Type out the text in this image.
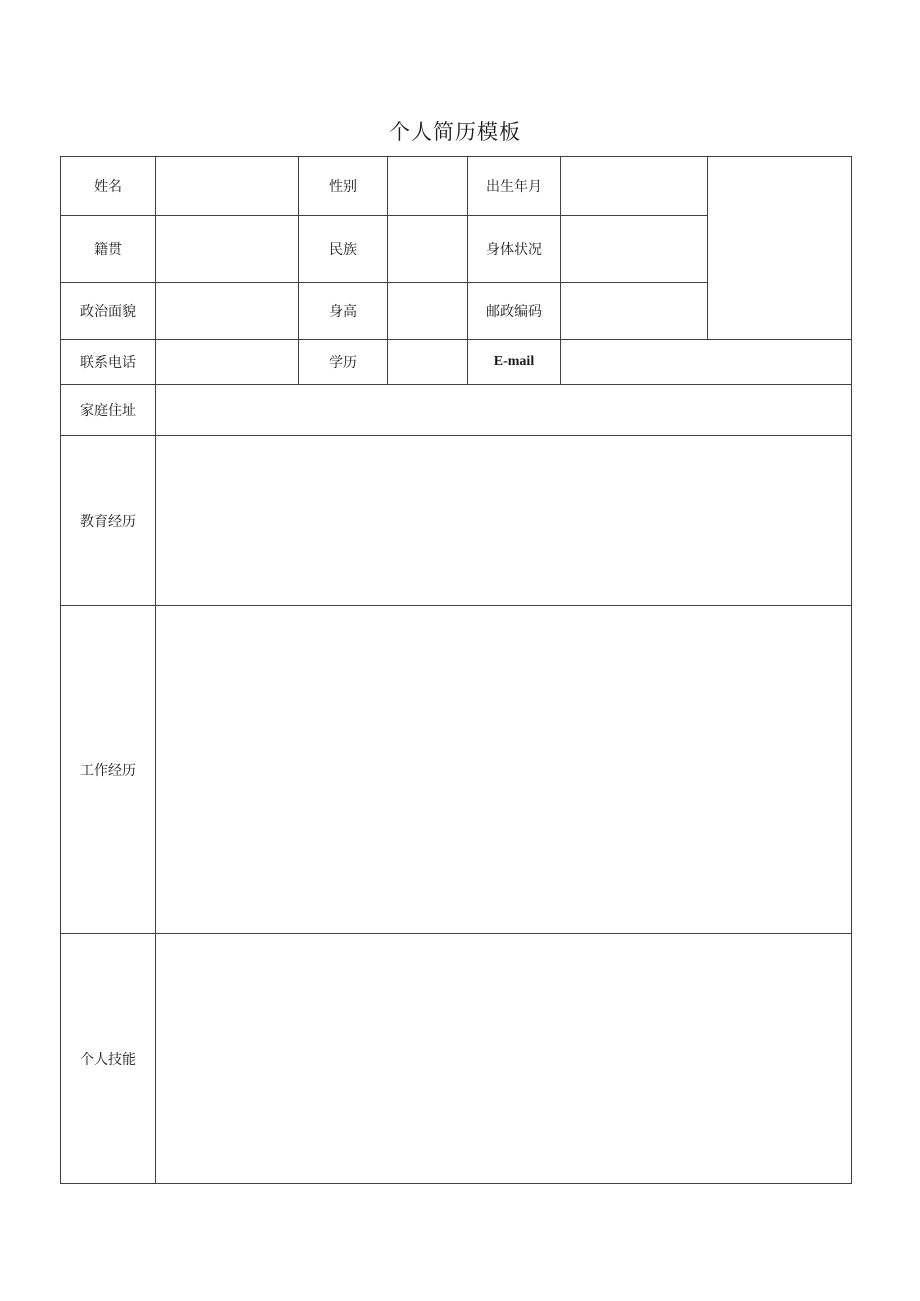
个人简历模板
姓名		性别		出生年月		
籍贯		民族		身体状况		
政治面貌		身高		邮政编码		
联系电话		学历		E-mail		
家庭住址						
教育经历						
工作经历						
个人技能						
